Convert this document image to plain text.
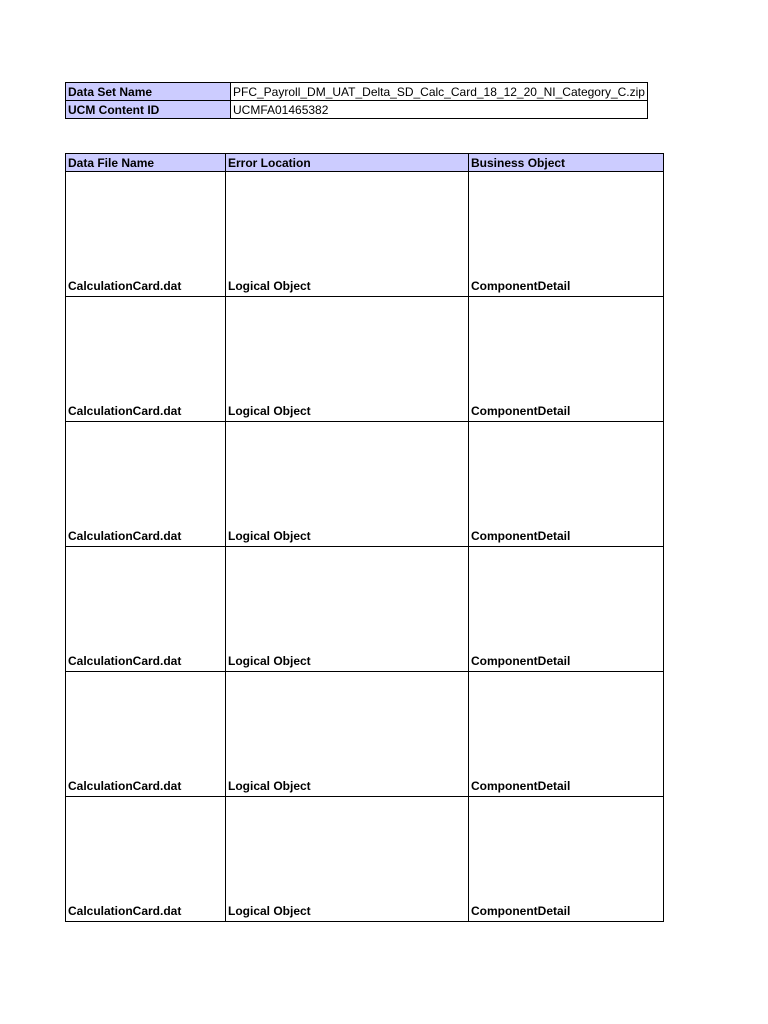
Data Set Name	PFC_Payroll_DM_UAT_Delta_SD_Calc_Card_18_12_20_NI_Category_C.zip
UCM Content ID	UCMFA01465382
Data File Name	Error Location	Business Object
CalculationCard.dat	Logical Object	ComponentDetail
CalculationCard.dat	Logical Object	ComponentDetail
CalculationCard.dat	Logical Object	ComponentDetail
CalculationCard.dat	Logical Object	ComponentDetail
CalculationCard.dat	Logical Object	ComponentDetail
CalculationCard.dat	Logical Object	ComponentDetail
